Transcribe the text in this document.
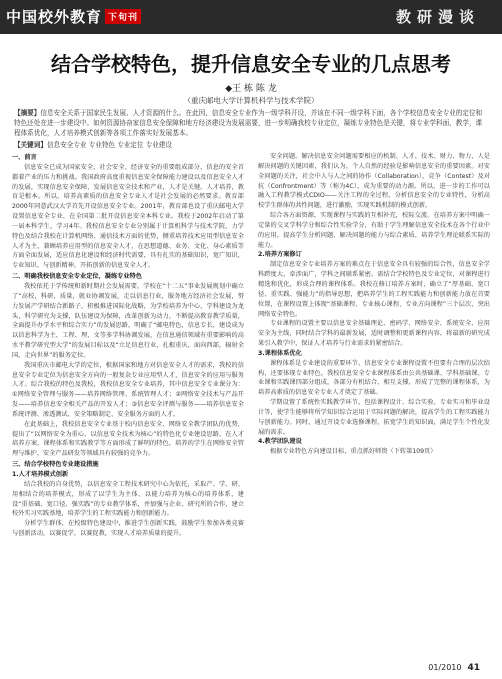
中国校外教育 下旬刊	教研漫谈
结合学校特色，提升信息安全专业的几点思考
◆王 栋 陈 龙
（重庆邮电大学计算机科学与技术学院）
【摘要】信息安全关系于国家民生发展、人才资源的什么。在此因，信息安全专业作为一级学科开设，并该在不同一级学科下面，各个学校信息安全专业的定位和特色还处在进一步建设中。如何资源协奋家信息安全保障和地方经济建设为发展需要，进一步明确我校专业定位，凝练专业特色是关键，将专业学科面，教学，课程体系优化，人才培养模式创新等各项工作落实好发展基本。
【关键词】信息安全专业 专业特色 专业定位 专业建设
一、前言
信息安全已成为国家安全、社会安全、经济安全的重要组成部分，信息的安全首都着产业的压力和挑战。我国政府高度重视信息安全保障能力建设以及信息安全人才的发展，实现信息安全保障，发展信息安全技术和产业，人才是关键。人才培养，教育是根本。所以，培养高素质的信息安全专业人才是社会发展的必然要求。教育部2000年同意武汉大学首先开设信息安全专业。2001年，教育部也设了重庆邮电大学设置信息安全专业，在全国第二批开设信息安全本科专业。我校于2002年启动了第一届本科学生，学习4年。我校信息安全专业分别属于计算机科学与技术学院，力学特色及结合我校在计算机网络、通信技术方面的优势，侧重培养技术应用型信息安全人才为主，兼顾培养应用型的信息安全人才，在思想道德、业务、文化、身心素质等方面全面发展，适应信息化建设和经济时代需要，具有扎实的基础知识，宽广知识，专业知识、与创新精神，开拓创新的信息安全人才。
二、明确我校信息安全专业定位，凝练专业特色
我校依托于学传统和新时期社会发展需要，学校在“十二五”事业发展规划中确立了“高校，科研，质量，就业协调发展，走以信息行业，服务地方经济社会发展，努力发展产学研结合新路子，积极推进国际化战略，为学校培养为中心，学科建设为龙头，科学研究为支撑，队伍建设为保障，改革创新为动力，不断提高教育教学质量，全面提升办学水平和综合实力”的发展思路，明确了“邮电特色，信息专长，建设成为以信息科学为主，工程、理、文等多学科协调发展，在信息通信领域有重要影响的高水平教学研究型大学”的发展目标以及“立足信息行业，扎根重庆，面向西部，辐射全国，走向世界”的服务定位。
我国重庆市邮电大学的定位，根据国家和地方对信息安全人才的需求，我校的信息安全专业定位为信息安全方向的一般复杂专业应用型人才，信息安全的应用与服务人才。综合我校的特色及我校，我校信息安全专业培养，其中信息安全专业课分为：①网络安全管理与服务——培养网络管理、系统管理人才；②网络安全技术与产品开发——培养信息安全相关产品的开发人才；③信息安全评测与服务——培养信息安全系统评测、渗透测试、安全策略制定、安全服务方面的人才。
在此基础上，我校信息安全专业基于校内信息安全、网络安全教学团队的优势，提出了“以网络安全为重心、以信息安全技术为核心”的特色化专业建设思路，在人才培养方案、课程体系和实践教学等方面形成了鲜明的特色，培养的学生在网络安全管理与维护、安全产品研发等领域具有较强的竞争力。
三、结合学校特色专业建设措施
1.人才培养模式创新
结合我校的自身优势，以信息安全工程技术研究中心为依托，采取产、学、研、用相结合的培养模式，形成了以学生为主体、以能力培养为核心的培养体系，建设“重基础、宽口径、强实践”的专业教学体系，并加强与企业、研究所的合作，建立校外实习实践基地，培养学生的工程实践能力和创新能力。
分析学生群体，在校级特色建设中，推进学生创新实践，鼓励学生参加各类竞赛与创新活动，以赛促学，以赛促教，实现人才培养质量的提升。
安全问题。解决信息安全问题需要相应的机制、人才、技术、财力、物力，人是解决问题的关键因素，我们认为，个人自然的经验是影响信息安全的重要因素。对安全问题的关注，社会中人与人之间的协作（Collaboration），竞争（Contest）及对抗（Confrontment）等（称为4C），成为重要的动力源。所以，进一步的工作可以融入工程教学模式CDIO——关注工程的全过程，分析信息安全的专业特性，分析高校学生群体的共性问题，进行激励，实现实践机制的模式创新。
综合各方面资源，实现课程与实践的互相补充，校际交流。在培养方案中明确一定量的交叉学科学分和综合性实验学分，有助于学生理解信息安全技术在各个行业中的应用，提高学生分析问题、解决问题的能力与综合素质，培养学生理论联系实际的能力。
2.培养方案修订
制定信息安全专业培养方案的难点在于信息安全具有较强的综合性，信息安全学科跨度大、牵涉面广，学科之间联系紧密。需结合学校特色及专业定位，对课程进行精选和优化，形成合理的课程体系。我校在修订培养方案时，确立了“厚基础、宽口径、重实践、强能力”的指导思想，把培养学生的工程实践能力和创新能力放在首要位置，在课程设置上体现“基础课程、专业核心课程、专业方向课程”三个层次，突出网络安全特色。
专业课程的设置主要以信息安全基础理论、密码学、网络安全、系统安全、应用安全为主线，同时结合学科的最新发展，适时调整和更新课程内容，将最新的研究成果引入教学中，保证人才培养与行业需求的紧密结合。
3.课程体系优化
课程体系是专业建设的重要环节。信息安全专业课程设置不但要有合理的层次结构，还要体现专业特色。我校信息安全专业课程体系由公共基础课、学科基础课、专业课和实践课四部分组成，各部分有机结合、相互支撑，形成了完整的课程体系，为培养高素质的信息安全专业人才奠定了基础。
学期设置了系统性实践教学环节，包括课程设计、综合实验、专业实习和毕业设计等，使学生能够将所学知识综合运用于实际问题的解决，提高学生的工程实践能力与创新能力。同时，通过开设专业选修课程，拓宽学生的知识面，满足学生个性化发展的需求。
4.教学团队建设
根据专业特色方向建设目标，重点抓好师资（下转第109页）
01/2010 41
